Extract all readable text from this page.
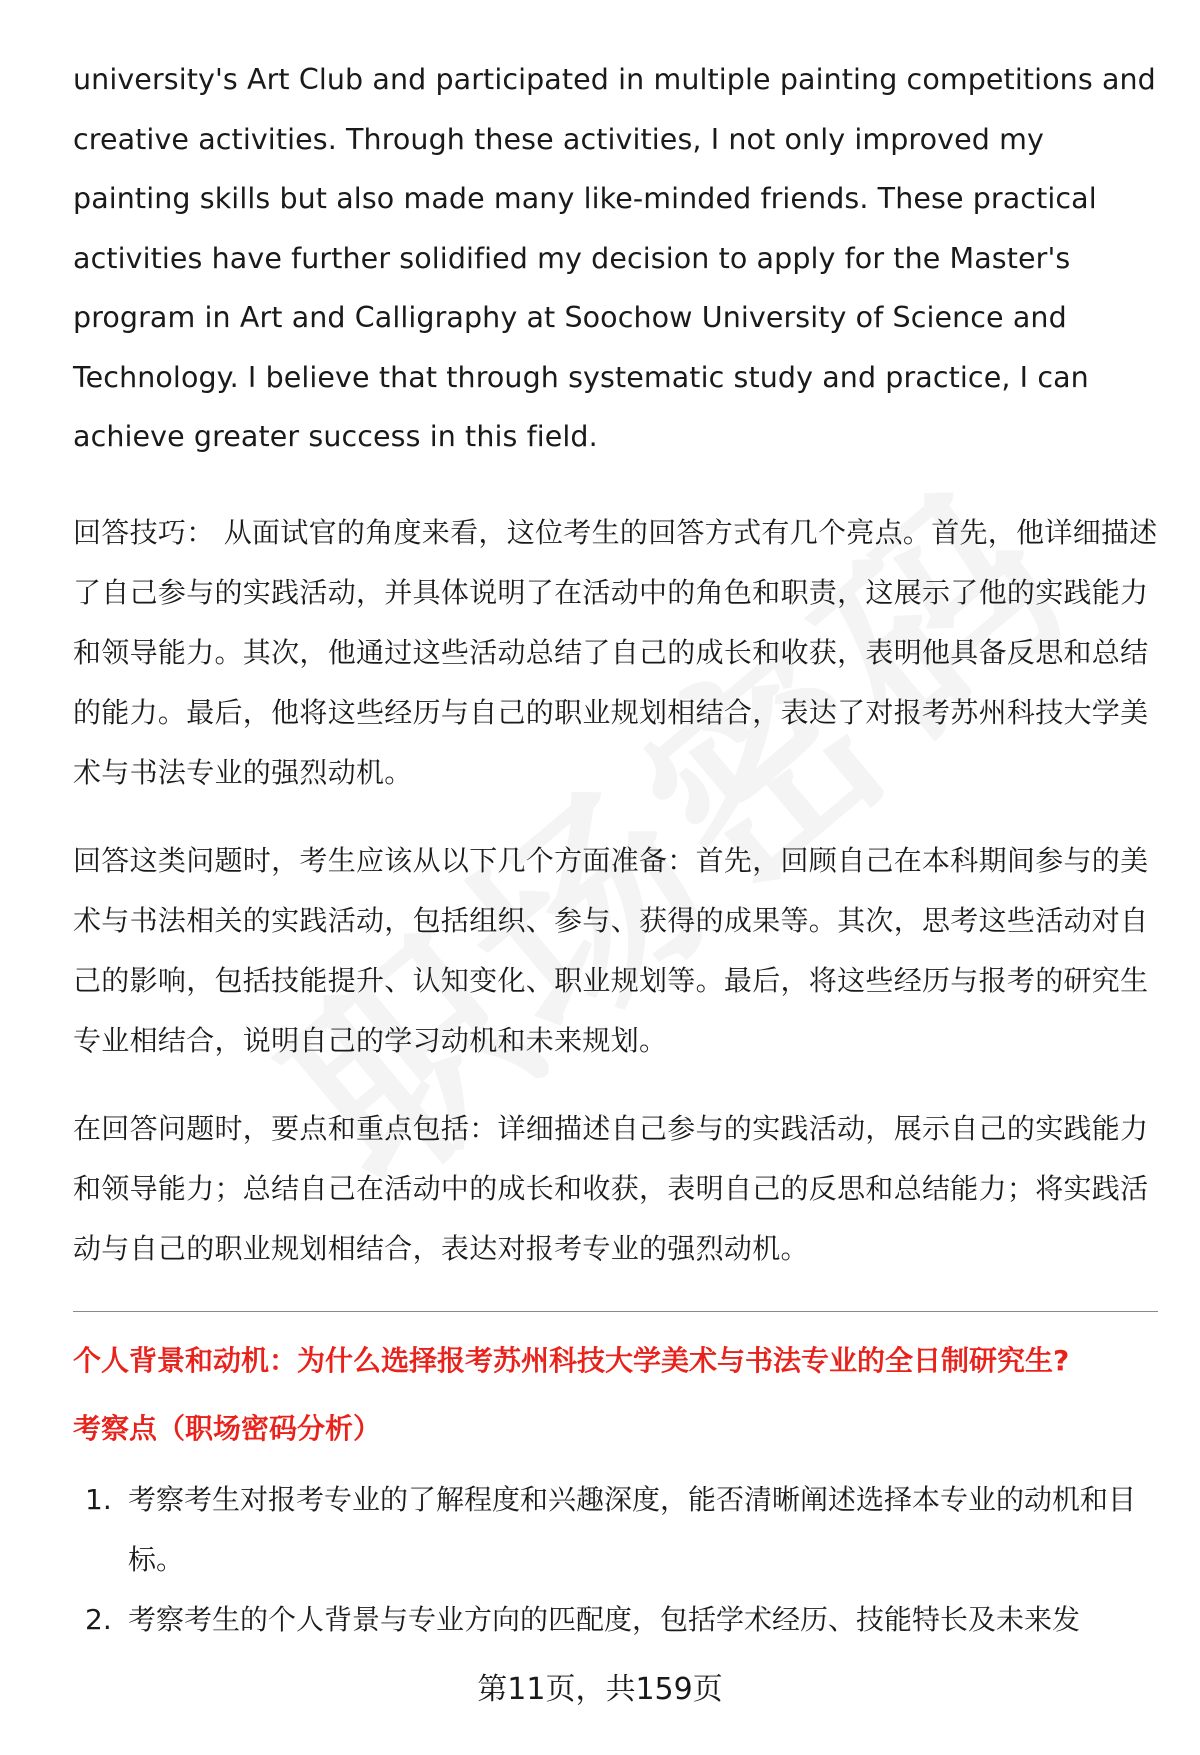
university's Art Club and participated in multiple painting competitions and creative activities. Through these activities, I not only improved my painting skills but also made many like-minded friends. These practical activities have further solidified my decision to apply for the Master's program in Art and Calligraphy at Soochow University of Science and Technology. I believe that through systematic study and practice, I can achieve greater success in this field.

回答技巧： 从面试官的角度来看，这位考生的回答方式有几个亮点。首先，他详细描述了自己参与的实践活动，并具体说明了在活动中的角色和职责，这展示了他的实践能力和领导能力。其次，他通过这些活动总结了自己的成长和收获，表明他具备反思和总结的能力。最后，他将这些经历与自己的职业规划相结合，表达了对报考苏州科技大学美术与书法专业的强烈动机。

回答这类问题时，考生应该从以下几个方面准备：首先，回顾自己在本科期间参与的美术与书法相关的实践活动，包括组织、参与、获得的成果等。其次，思考这些活动对自己的影响，包括技能提升、认知变化、职业规划等。最后，将这些经历与报考的研究生专业相结合，说明自己的学习动机和未来规划。

在回答问题时，要点和重点包括：详细描述自己参与的实践活动，展示自己的实践能力和领导能力；总结自己在活动中的成长和收获，表明自己的反思和总结能力；将实践活动与自己的职业规划相结合，表达对报考专业的强烈动机。

个人背景和动机：为什么选择报考苏州科技大学美术与书法专业的全日制研究生?
考察点（职场密码分析）
1. 考察考生对报考专业的了解程度和兴趣深度，能否清晰阐述选择本专业的动机和目标。
2. 考察考生的个人背景与专业方向的匹配度，包括学术经历、技能特长及未来发
第11页，共159页
